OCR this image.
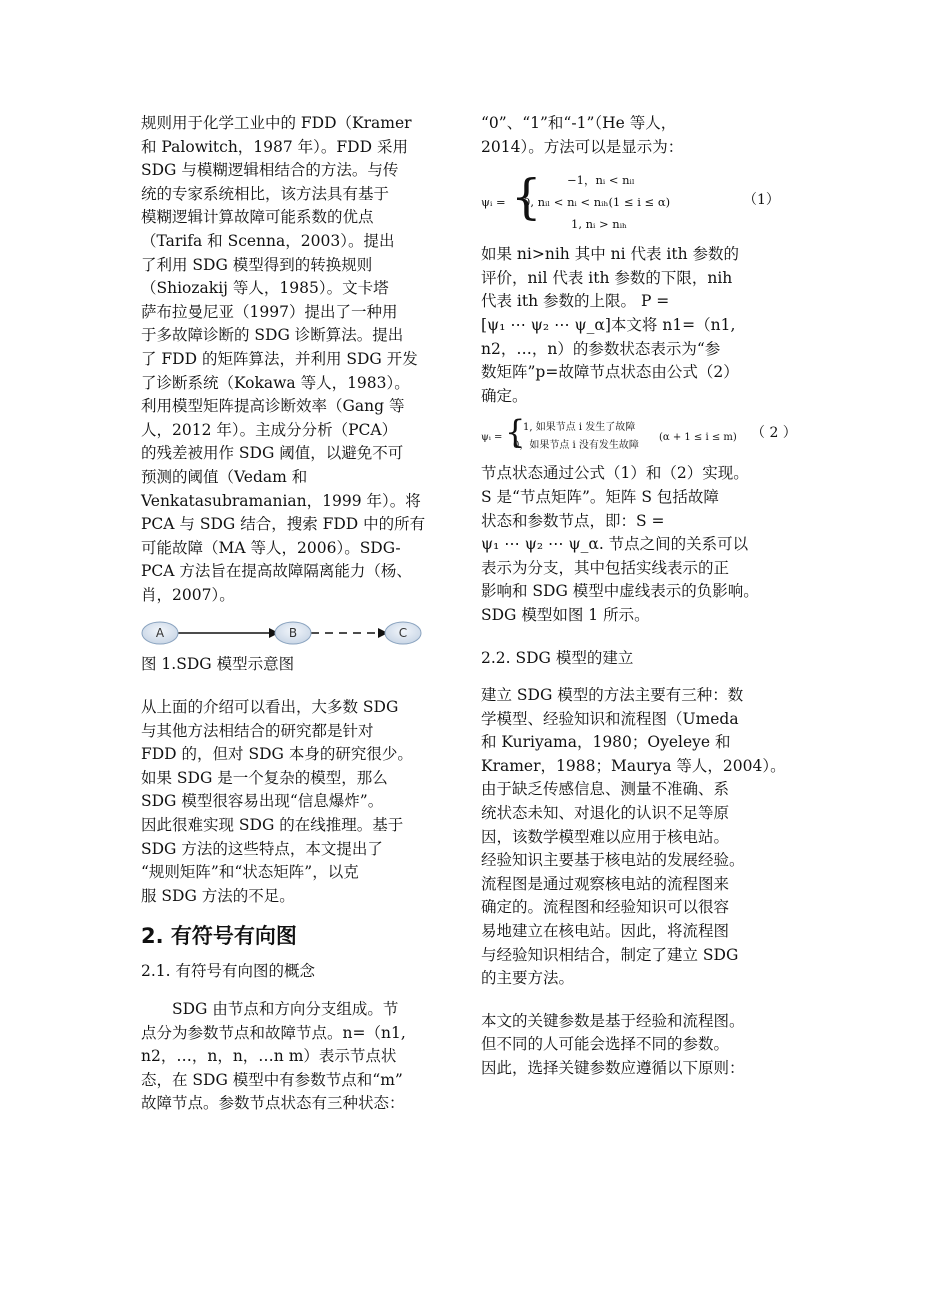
规则用于化学工业中的 FDD（Kramer
和 Palowitch，1987 年）。FDD 采用
SDG 与模糊逻辑相结合的方法。与传
统的专家系统相比，该方法具有基于
模糊逻辑计算故障可能系数的优点
（Tarifa 和 Scenna，2003）。提出
了利用 SDG 模型得到的转换规则
（Shiozakij 等人，1985）。文卡塔
萨布拉曼尼亚（1997）提出了一种用
于多故障诊断的 SDG 诊断算法。提出
了 FDD 的矩阵算法，并利用 SDG 开发
了诊断系统（Kokawa 等人，1983）。
利用模型矩阵提高诊断效率（Gang 等
人，2012 年）。主成分分析（PCA）
的残差被用作 SDG 阈值，以避免不可
预测的阈值（Vedam 和
Venkatasubramanian，1999 年）。将
PCA 与 SDG 结合，搜索 FDD 中的所有
可能故障（MA 等人，2006）。SDG-
PCA 方法旨在提高故障隔离能力（杨、
肖，2007）。

A	B	C
图 1.SDG 模型示意图

从上面的介绍可以看出，大多数 SDG
与其他方法相结合的研究都是针对
FDD 的，但对 SDG 本身的研究很少。
如果 SDG 是一个复杂的模型，那么
SDG 模型很容易出现“信息爆炸”。
因此很难实现 SDG 的在线推理。基于
SDG 方法的这些特点，本文提出了
“规则矩阵”和“状态矩阵”，以克
服 SDG 方法的不足。

2. 有符号有向图
2.1. 有符号有向图的概念

　　SDG 由节点和方向分支组成。节
点分为参数节点和故障节点。n=（n1,
n2，…，n，n，…n m）表示节点状
态，在 SDG 模型中有参数节点和“m”
故障节点。参数节点状态有三种状态：

“0”、“1”和“-1”（He 等人，
2014）。方法可以是显示为：

ψᵢ = { −1，nᵢ < nᵢₗ
0, nᵢₗ < nᵢ < nᵢₕ(1 ≤ i ≤ α)
1, nᵢ > nᵢₕ
（1）

如果 ni>nih 其中 ni 代表 ith 参数的
评价，nil 代表 ith 参数的下限，nih
代表 ith 参数的上限。 P =
[ψ₁ ⋯ ψ₂ ⋯ ψ_α]本文将 n1=（n1,
n2，…，n）的参数状态表示为“参
数矩阵”p=故障节点状态由公式（2）
确定。

ψᵢ = {
1, 如果节点 i 发生了故障
0，如果节点 i 没有发生故障
(α + 1 ≤ i ≤ m) （ 2 ）

节点状态通过公式（1）和（2）实现。
S 是“节点矩阵”。矩阵 S 包括故障
状态和参数节点，即：S =
ψ₁ ⋯ ψ₂ ⋯ ψ_α. 节点之间的关系可以
表示为分支，其中包括实线表示的正
影响和 SDG 模型中虚线表示的负影响。
SDG 模型如图 1 所示。

2.2. SDG 模型的建立

建立 SDG 模型的方法主要有三种：数
学模型、经验知识和流程图（Umeda
和 Kuriyama，1980；Oyeleye 和
Kramer，1988；Maurya 等人，2004）。
由于缺乏传感信息、测量不准确、系
统状态未知、对退化的认识不足等原
因，该数学模型难以应用于核电站。
经验知识主要基于核电站的发展经验。
流程图是通过观察核电站的流程图来
确定的。流程图和经验知识可以很容
易地建立在核电站。因此，将流程图
与经验知识相结合，制定了建立 SDG
的主要方法。

本文的关键参数是基于经验和流程图。
但不同的人可能会选择不同的参数。
因此，选择关键参数应遵循以下原则：
